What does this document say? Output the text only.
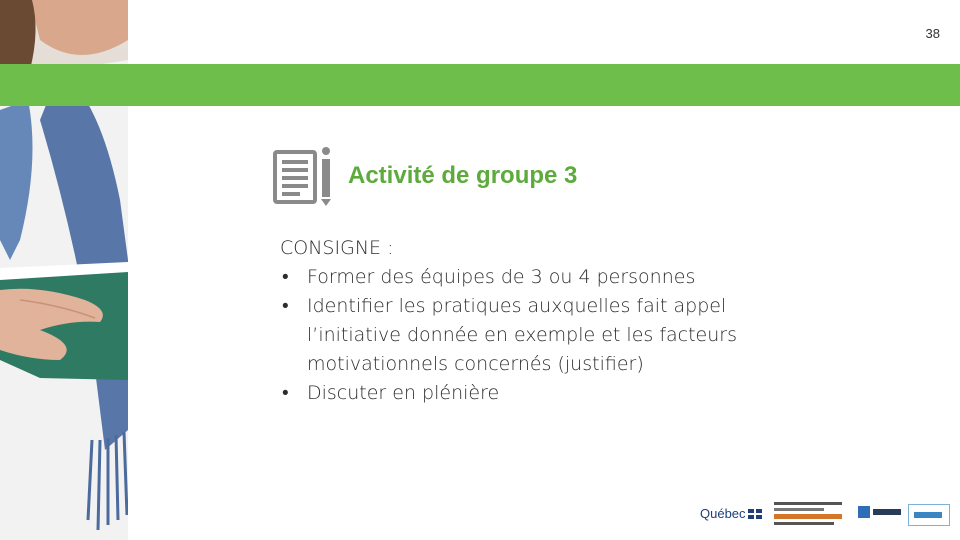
38
Activité de groupe 3
CONSIGNE :
• Former des équipes de 3 ou 4 personnes
• Identifier les pratiques auxquelles fait appel l’initiative donnée en exemple et les facteurs motivationnels concernés (justifier)
• Discuter en plénière
Québec
